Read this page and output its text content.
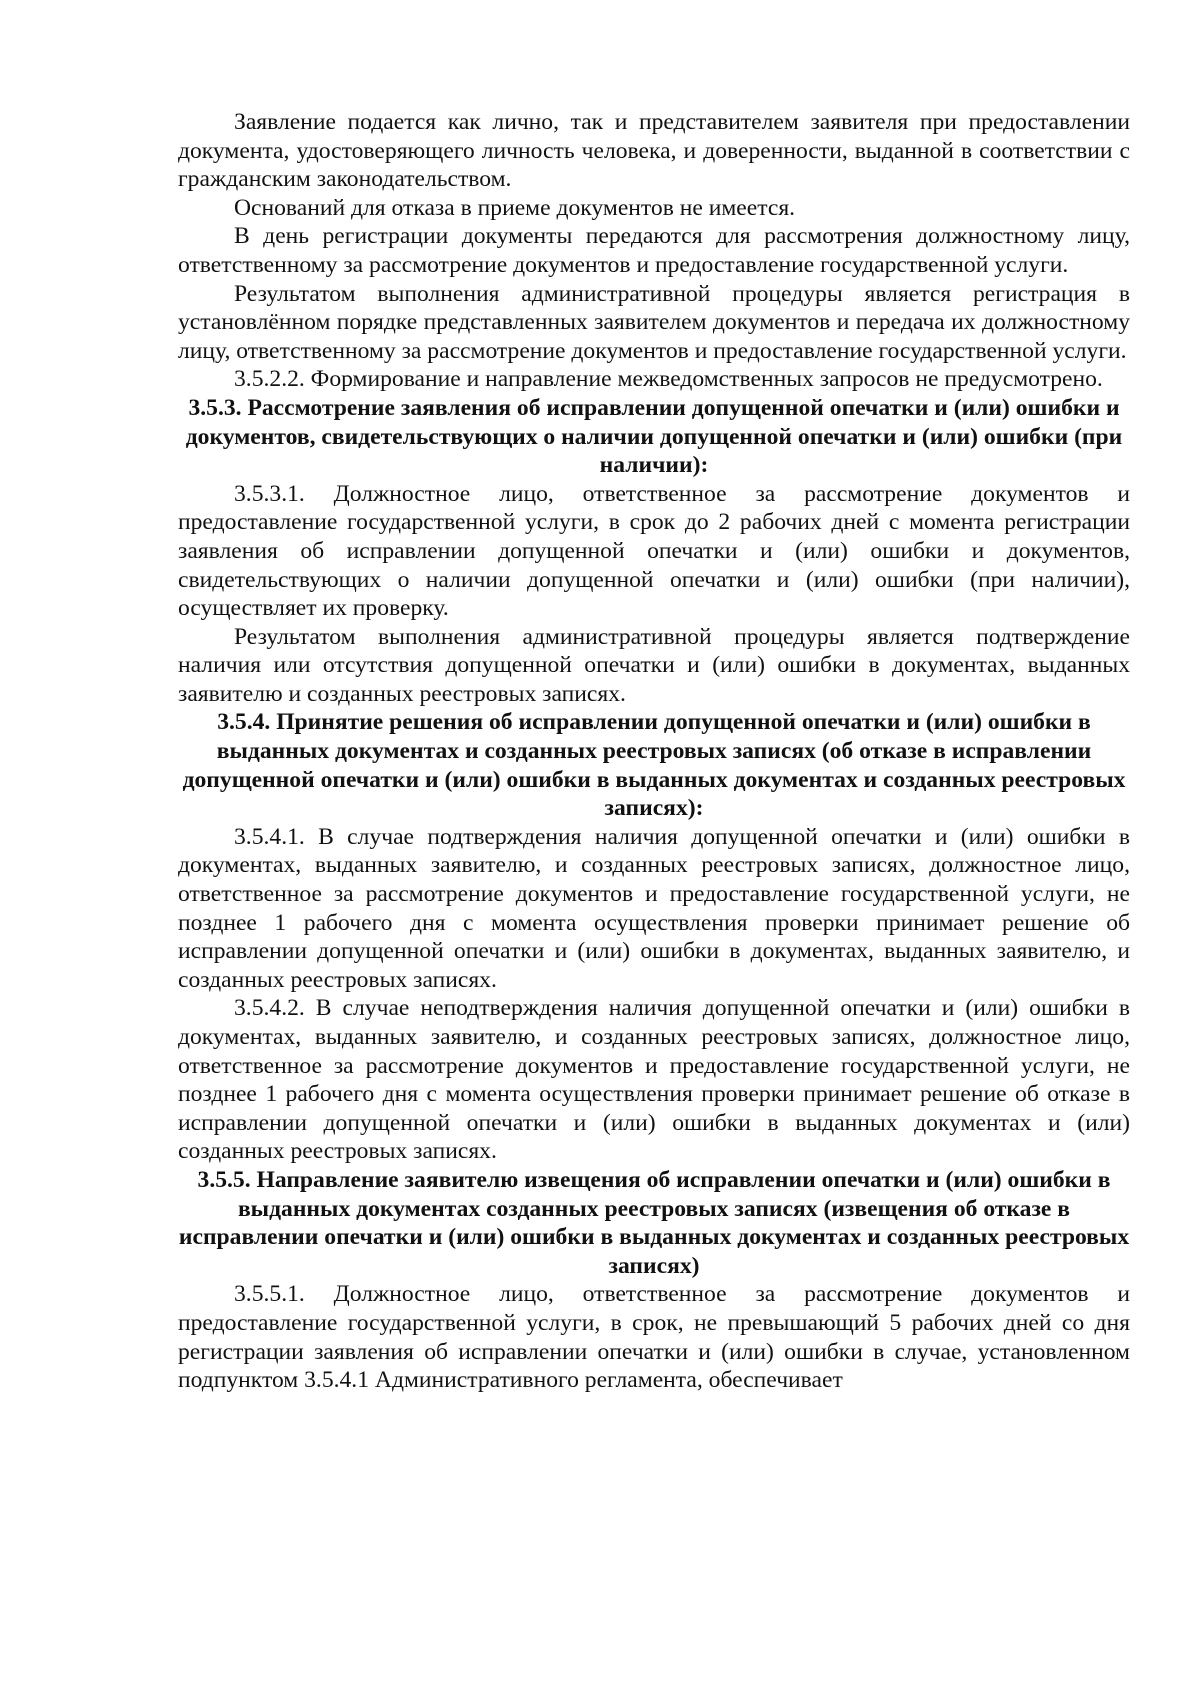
Заявление подается как лично, так и представителем заявителя при предоставлении документа, удостоверяющего личность человека, и доверенности, выданной в соответствии с гражданским законодательством.

Оснований для отказа в приеме документов не имеется.

В день регистрации документы передаются для рассмотрения должностному лицу, ответственному за рассмотрение документов и предоставление государственной услуги.

Результатом выполнения административной процедуры является регистрация в установлённом порядке представленных заявителем документов и передача их должностному лицу, ответственному за рассмотрение документов и предоставление государственной услуги.

3.5.2.2. Формирование и направление межведомственных запросов не предусмотрено.

3.5.3. Рассмотрение заявления об исправлении допущенной опечатки и (или) ошибки и документов, свидетельствующих о наличии допущенной опечатки и (или) ошибки (при наличии):

3.5.3.1. Должностное лицо, ответственное за рассмотрение документов и предоставление государственной услуги, в срок до 2 рабочих дней с момента регистрации заявления об исправлении допущенной опечатки и (или) ошибки и документов, свидетельствующих о наличии допущенной опечатки и (или) ошибки (при наличии), осуществляет их проверку.

Результатом выполнения административной процедуры является подтверждение наличия или отсутствия допущенной опечатки и (или) ошибки в документах, выданных заявителю и созданных реестровых записях.

3.5.4. Принятие решения об исправлении допущенной опечатки и (или) ошибки в выданных документах и созданных реестровых записях (об отказе в исправлении допущенной опечатки и (или) ошибки в выданных документах и созданных реестровых записях):

3.5.4.1. В случае подтверждения наличия допущенной опечатки и (или) ошибки в документах, выданных заявителю, и созданных реестровых записях, должностное лицо, ответственное за рассмотрение документов и предоставление государственной услуги, не позднее 1 рабочего дня с момента осуществления проверки принимает решение об исправлении допущенной опечатки и (или) ошибки в документах, выданных заявителю, и созданных реестровых записях.

3.5.4.2. В случае неподтверждения наличия допущенной опечатки и (или) ошибки в документах, выданных заявителю, и созданных реестровых записях, должностное лицо, ответственное за рассмотрение документов и предоставление государственной услуги, не позднее 1 рабочего дня с момента осуществления проверки принимает решение об отказе в исправлении допущенной опечатки и (или) ошибки в выданных документах и (или) созданных реестровых записях.

3.5.5. Направление заявителю извещения об исправлении опечатки и (или) ошибки в выданных документах созданных реестровых записях (извещения об отказе в исправлении опечатки и (или) ошибки в выданных документах и созданных реестровых записях)

3.5.5.1. Должностное лицо, ответственное за рассмотрение документов и предоставление государственной услуги, в срок, не превышающий 5 рабочих дней со дня регистрации заявления об исправлении опечатки и (или) ошибки в случае, установленном подпунктом 3.5.4.1 Административного регламента, обеспечивает
